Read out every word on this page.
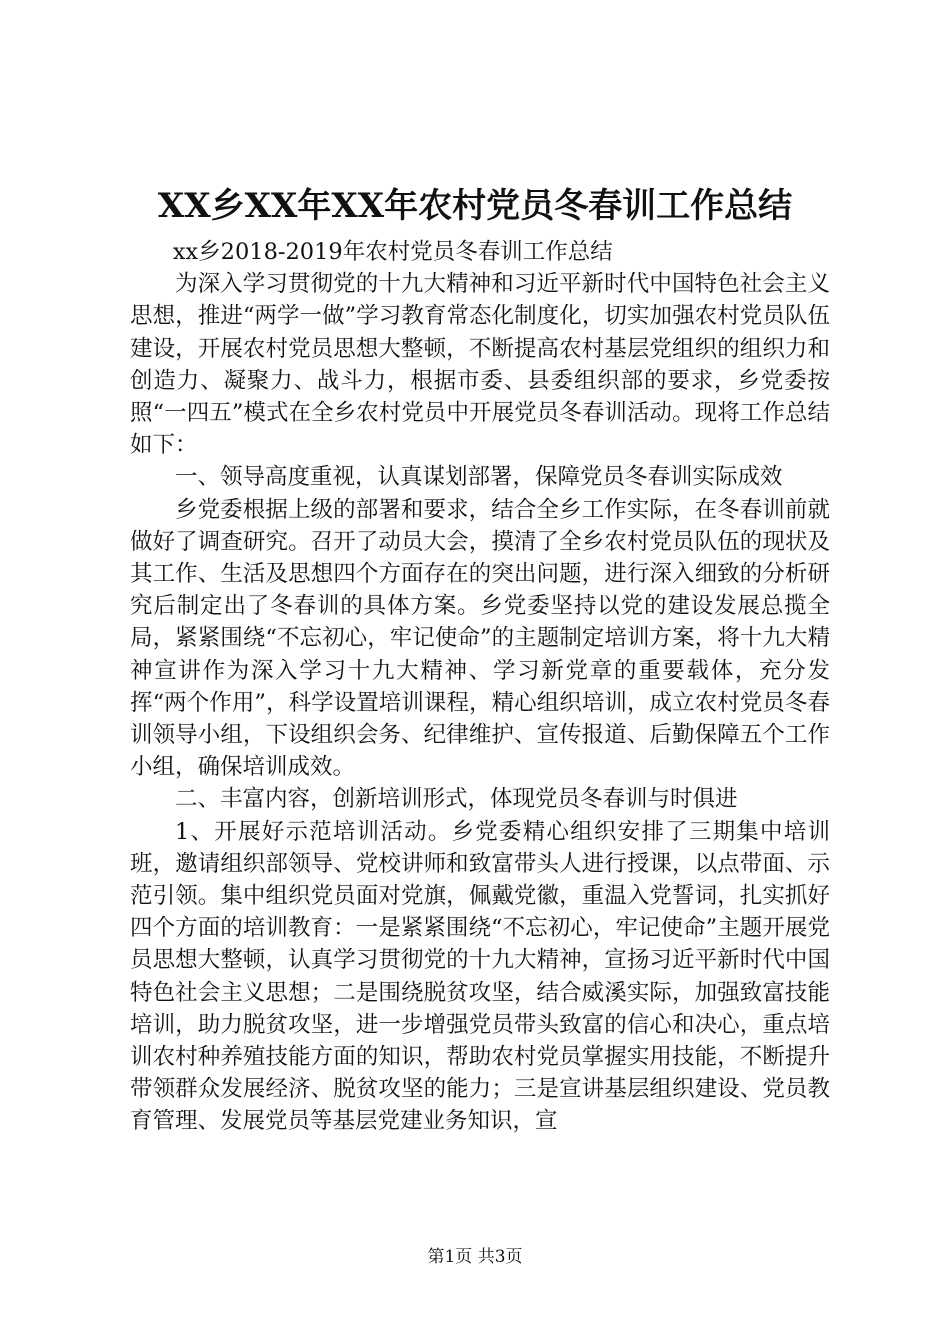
XX乡XX年XX年农村党员冬春训工作总结

xx乡2018-2019年农村党员冬春训工作总结

为深入学习贯彻党的十九大精神和习近平新时代中国特色社会主义思想，推进“两学一做”学习教育常态化制度化，切实加强农村党员队伍建设，开展农村党员思想大整顿，不断提高农村基层党组织的组织力和创造力、凝聚力、战斗力，根据市委、县委组织部的要求，乡党委按照“一四五”模式在全乡农村党员中开展党员冬春训活动。现将工作总结如下：

一、领导高度重视，认真谋划部署，保障党员冬春训实际成效

乡党委根据上级的部署和要求，结合全乡工作实际，在冬春训前就做好了调查研究。召开了动员大会，摸清了全乡农村党员队伍的现状及其工作、生活及思想四个方面存在的突出问题，进行深入细致的分析研究后制定出了冬春训的具体方案。乡党委坚持以党的建设发展总揽全局，紧紧围绕“不忘初心，牢记使命”的主题制定培训方案，将十九大精神宣讲作为深入学习十九大精神、学习新党章的重要载体，充分发挥“两个作用”，科学设置培训课程，精心组织培训，成立农村党员冬春训领导小组，下设组织会务、纪律维护、宣传报道、后勤保障五个工作小组，确保培训成效。

二、丰富内容，创新培训形式，体现党员冬春训与时俱进

1、开展好示范培训活动。乡党委精心组织安排了三期集中培训班，邀请组织部领导、党校讲师和致富带头人进行授课，以点带面、示范引领。集中组织党员面对党旗，佩戴党徽，重温入党誓词，扎实抓好四个方面的培训教育：一是紧紧围绕“不忘初心，牢记使命”主题开展党员思想大整顿，认真学习贯彻党的十九大精神，宣扬习近平新时代中国特色社会主义思想；二是围绕脱贫攻坚，结合威溪实际，加强致富技能培训，助力脱贫攻坚，进一步增强党员带头致富的信心和决心，重点培训农村种养殖技能方面的知识，帮助农村党员掌握实用技能，不断提升带领群众发展经济、脱贫攻坚的能力；三是宣讲基层组织建设、党员教育管理、发展党员等基层党建业务知识，宣

第1页 共3页
